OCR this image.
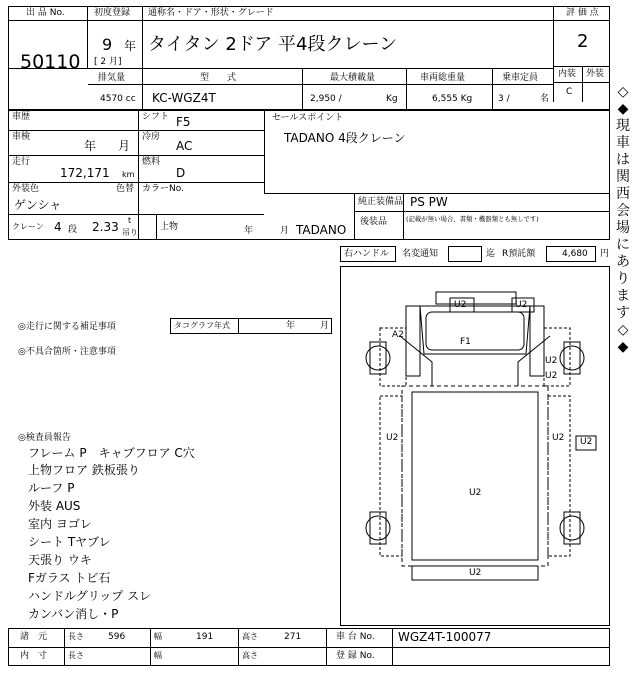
出 品 No.	初度登録 通称名・ドア・形状・グレード	評 価 点
50110
9 年
[ 2 月]
タイタン 2ドア 平4段クレーン	2
内装 外装
C
排気量	型　　式	最大積載量	車両総重量	乗車定員
4570 cc KC-WGZ4T	2,950 /	Kg	6,555 Kg	3 /	名
車歴	シフト F5
車検
年 月
冷房
AC
走行
172,171 km
燃料
D
外装色	色替 カラーNo.
ゲンシャ
クレーン 4 段 2.33 t
吊り
上物	年	月 TADANO
セールスポイント
TADANO 4段クレーン
純正装備品 PS PW
後装品	(記載が無い場合、書類・機器類とも無しです)
右ハンドル 名変通知	迄 R預託額	4,680 円
◎走行に関する補足事項	タコグラフ年式	年	月
◎不具合箇所・注意事項
◎検査員報告
フレーム P　キャブフロア C穴
上物フロア 鉄板張り
ルーフ P
外装 AUS
室内 ヨゴレ
シート Tヤブレ
天張り ウキ
Fガラス トビ石
ハンドルグリップ スレ
カンバン消し・P
U2	U2
F1
A2
U2
U2
U2	U2 U2
U2
U2
◇
◆
現
車
は
関
西
会
場
に
あ
り
ま
す
◇
◆
諸　元	長さ	596	幅	191	高さ	271	車 台 No. WGZ4T-100077
内　寸	長さ	幅	高さ	登 録 No.
